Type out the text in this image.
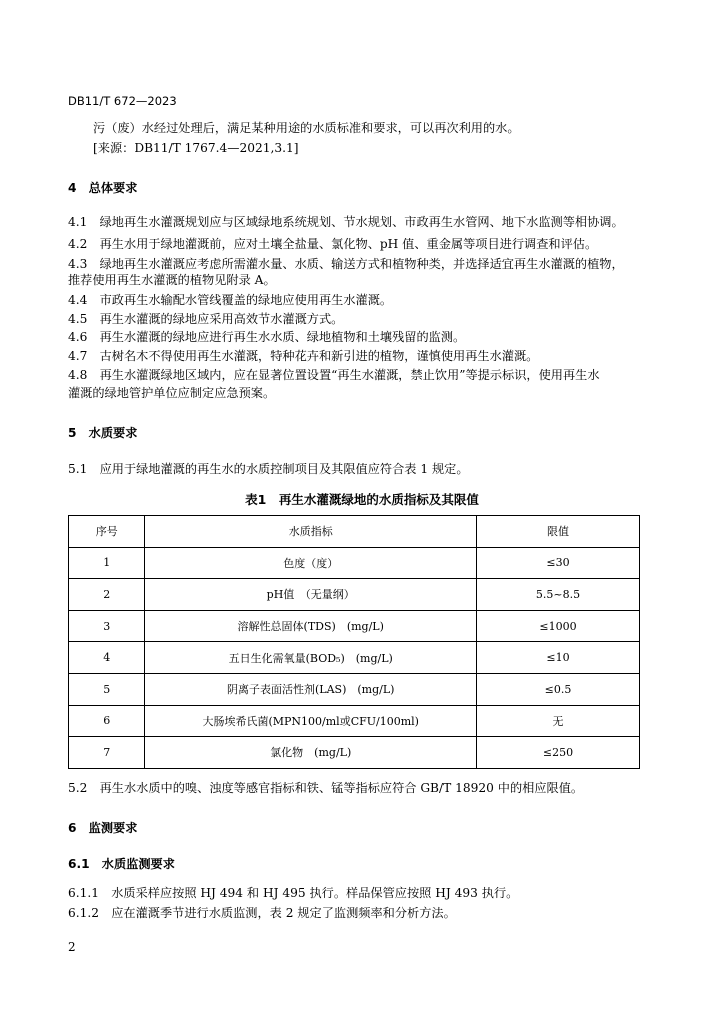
DB11/T 672—2023
污（废）水经过处理后，满足某种用途的水质标准和要求，可以再次利用的水。
[来源：DB11/T 1767.4—2021,3.1]
4　总体要求
4.1　绿地再生水灌溉规划应与区域绿地系统规划、节水规划、市政再生水管网、地下水监测等相协调。
4.2　再生水用于绿地灌溉前，应对土壤全盐量、氯化物、pH 值、重金属等项目进行调查和评估。
4.3　绿地再生水灌溉应考虑所需灌水量、水质、输送方式和植物种类，并选择适宜再生水灌溉的植物，
推荐使用再生水灌溉的植物见附录 A。
4.4　市政再生水输配水管线覆盖的绿地应使用再生水灌溉。
4.5　再生水灌溉的绿地应采用高效节水灌溉方式。
4.6　再生水灌溉的绿地应进行再生水水质、绿地植物和土壤残留的监测。
4.7　古树名木不得使用再生水灌溉，特种花卉和新引进的植物，谨慎使用再生水灌溉。
4.8　再生水灌溉绿地区域内，应在显著位置设置“再生水灌溉，禁止饮用”等提示标识，使用再生水
灌溉的绿地管护单位应制定应急预案。
5　水质要求
5.1　应用于绿地灌溉的再生水的水质控制项目及其限值应符合表 1 规定。
表1　再生水灌溉绿地的水质指标及其限值
序号	水质指标	限值
1	色度（度）	≤30
2	pH值　（无量纲）	5.5~8.5
3	溶解性总固体(TDS)　(mg/L)	≤1000
4	五日生化需氧量(BOD₅)　(mg/L)	≤10
5	阴离子表面活性剂(LAS)　(mg/L)	≤0.5
6	大肠埃希氏菌(MPN100/ml或CFU/100ml)	无
7	氯化物　(mg/L)	≤250
5.2　再生水水质中的嗅、浊度等感官指标和铁、锰等指标应符合 GB/T 18920 中的相应限值。
6　监测要求
6.1　水质监测要求
6.1.1　水质采样应按照 HJ 494 和 HJ 495 执行。样品保管应按照 HJ 493 执行。
6.1.2　应在灌溉季节进行水质监测，表 2 规定了监测频率和分析方法。
2
